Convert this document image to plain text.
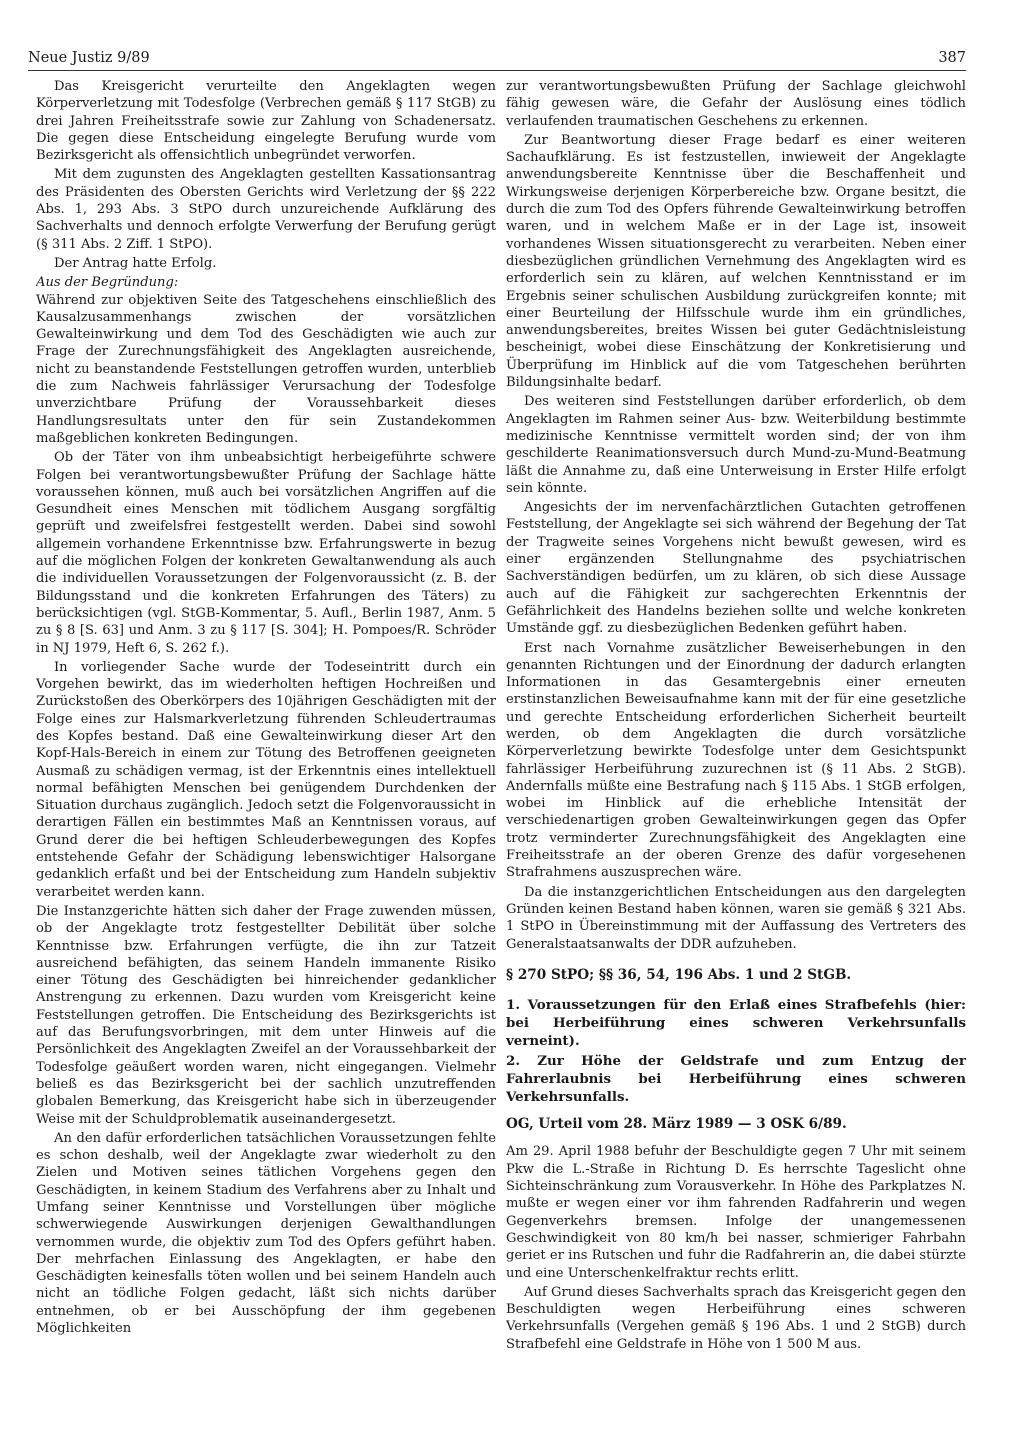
Neue Justiz 9/89	387

Das Kreisgericht verurteilte den Angeklagten wegen Körperverletzung mit Todesfolge (Verbrechen gemäß § 117 StGB) zu drei Jahren Freiheitsstrafe sowie zur Zahlung von Schadenersatz. Die gegen diese Entscheidung eingelegte Berufung wurde vom Bezirksgericht als offensichtlich unbegründet verworfen.

Mit dem zugunsten des Angeklagten gestellten Kassationsantrag des Präsidenten des Obersten Gerichts wird Verletzung der §§ 222 Abs. 1, 293 Abs. 3 StPO durch unzureichende Aufklärung des Sachverhalts und dennoch erfolgte Verwerfung der Berufung gerügt (§ 311 Abs. 2 Ziff. 1 StPO).

Der Antrag hatte Erfolg.

Aus der Begründung:

Während zur objektiven Seite des Tatgeschehens einschließlich des Kausalzusammenhangs zwischen der vorsätzlichen Gewalteinwirkung und dem Tod des Geschädigten wie auch zur Frage der Zurechnungsfähigkeit des Angeklagten ausreichende, nicht zu beanstandende Feststellungen getroffen wurden, unterblieb die zum Nachweis fahrlässiger Verursachung der Todesfolge unverzichtbare Prüfung der Voraussehbarkeit dieses Handlungsresultats unter den für sein Zustandekommen maßgeblichen konkreten Bedingungen.

Ob der Täter von ihm unbeabsichtigt herbeigeführte schwere Folgen bei verantwortungsbewußter Prüfung der Sachlage hätte voraussehen können, muß auch bei vorsätzlichen Angriffen auf die Gesundheit eines Menschen mit tödlichem Ausgang sorgfältig geprüft und zweifelsfrei festgestellt werden. Dabei sind sowohl allgemein vorhandene Erkenntnisse bzw. Erfahrungswerte in bezug auf die möglichen Folgen der konkreten Gewaltanwendung als auch die individuellen Voraussetzungen der Folgenvoraussicht (z. B. der Bildungsstand und die konkreten Erfahrungen des Täters) zu berücksichtigen (vgl. StGB-Kommentar, 5. Aufl., Berlin 1987, Anm. 5 zu § 8 [S. 63] und Anm. 3 zu § 117 [S. 304]; H. Pompoes/R. Schröder in NJ 1979, Heft 6, S. 262 f.).

In vorliegender Sache wurde der Todeseintritt durch ein Vorgehen bewirkt, das im wiederholten heftigen Hochreißen und Zurückstoßen des Oberkörpers des 10jährigen Geschädigten mit der Folge eines zur Halsmarkverletzung führenden Schleudertraumas des Kopfes bestand. Daß eine Gewalteinwirkung dieser Art den Kopf-Hals-Bereich in einem zur Tötung des Betroffenen geeigneten Ausmaß zu schädigen vermag, ist der Erkenntnis eines intellektuell normal befähigten Menschen bei genügendem Durchdenken der Situation durchaus zugänglich. Jedoch setzt die Folgenvoraussicht in derartigen Fällen ein bestimmtes Maß an Kenntnissen voraus, auf Grund derer die bei heftigen Schleuderbewegungen des Kopfes entstehende Gefahr der Schädigung lebenswichtiger Halsorgane gedanklich erfaßt und bei der Entscheidung zum Handeln subjektiv verarbeitet werden kann.

Die Instanzgerichte hätten sich daher der Frage zuwenden müssen, ob der Angeklagte trotz festgestellter Debilität über solche Kenntnisse bzw. Erfahrungen verfügte, die ihn zur Tatzeit ausreichend befähigten, das seinem Handeln immanente Risiko einer Tötung des Geschädigten bei hinreichender gedanklicher Anstrengung zu erkennen. Dazu wurden vom Kreisgericht keine Feststellungen getroffen. Die Entscheidung des Bezirksgerichts ist auf das Berufungsvorbringen, mit dem unter Hinweis auf die Persönlichkeit des Angeklagten Zweifel an der Voraussehbarkeit der Todesfolge geäußert worden waren, nicht eingegangen. Vielmehr beließ es das Bezirksgericht bei der sachlich unzutreffenden globalen Bemerkung, das Kreisgericht habe sich in überzeugender Weise mit der Schuldproblematik auseinandergesetzt.

An den dafür erforderlichen tatsächlichen Voraussetzungen fehlte es schon deshalb, weil der Angeklagte zwar wiederholt zu den Zielen und Motiven seines tätlichen Vorgehens gegen den Geschädigten, in keinem Stadium des Verfahrens aber zu Inhalt und Umfang seiner Kenntnisse und Vorstellungen über mögliche schwerwiegende Auswirkungen derjenigen Gewalthandlungen vernommen wurde, die objektiv zum Tod des Opfers geführt haben. Der mehrfachen Einlassung des Angeklagten, er habe den Geschädigten keinesfalls töten wollen und bei seinem Handeln auch nicht an tödliche Folgen gedacht, läßt sich nichts darüber entnehmen, ob er bei Ausschöpfung der ihm gegebenen Möglichkeiten

zur verantwortungsbewußten Prüfung der Sachlage gleichwohl fähig gewesen wäre, die Gefahr der Auslösung eines tödlich verlaufenden traumatischen Geschehens zu erkennen.

Zur Beantwortung dieser Frage bedarf es einer weiteren Sachaufklärung. Es ist festzustellen, inwieweit der Angeklagte anwendungsbereite Kenntnisse über die Beschaffenheit und Wirkungsweise derjenigen Körperbereiche bzw. Organe besitzt, die durch die zum Tod des Opfers führende Gewalteinwirkung betroffen waren, und in welchem Maße er in der Lage ist, insoweit vorhandenes Wissen situationsgerecht zu verarbeiten. Neben einer diesbezüglichen gründlichen Vernehmung des Angeklagten wird es erforderlich sein zu klären, auf welchen Kenntnisstand er im Ergebnis seiner schulischen Ausbildung zurückgreifen konnte; mit einer Beurteilung der Hilfsschule wurde ihm ein gründliches, anwendungsbereites, breites Wissen bei guter Gedächtnisleistung bescheinigt, wobei diese Einschätzung der Konkretisierung und Überprüfung im Hinblick auf die vom Tatgeschehen berührten Bildungsinhalte bedarf.

Des weiteren sind Feststellungen darüber erforderlich, ob dem Angeklagten im Rahmen seiner Aus- bzw. Weiterbildung bestimmte medizinische Kenntnisse vermittelt worden sind; der von ihm geschilderte Reanimationsversuch durch Mund-zu-Mund-Beatmung läßt die Annahme zu, daß eine Unterweisung in Erster Hilfe erfolgt sein könnte.

Angesichts der im nervenfachärztlichen Gutachten getroffenen Feststellung, der Angeklagte sei sich während der Begehung der Tat der Tragweite seines Vorgehens nicht bewußt gewesen, wird es einer ergänzenden Stellungnahme des psychiatrischen Sachverständigen bedürfen, um zu klären, ob sich diese Aussage auch auf die Fähigkeit zur sachgerechten Erkenntnis der Gefährlichkeit des Handelns beziehen sollte und welche konkreten Umstände ggf. zu diesbezüglichen Bedenken geführt haben.

Erst nach Vornahme zusätzlicher Beweiserhebungen in den genannten Richtungen und der Einordnung der dadurch erlangten Informationen in das Gesamtergebnis einer erneuten erstinstanzlichen Beweisaufnahme kann mit der für eine gesetzliche und gerechte Entscheidung erforderlichen Sicherheit beurteilt werden, ob dem Angeklagten die durch vorsätzliche Körperverletzung bewirkte Todesfolge unter dem Gesichtspunkt fahrlässiger Herbeiführung zuzurechnen ist (§ 11 Abs. 2 StGB). Andernfalls müßte eine Bestrafung nach § 115 Abs. 1 StGB erfolgen, wobei im Hinblick auf die erhebliche Intensität der verschiedenartigen groben Gewalteinwirkungen gegen das Opfer trotz verminderter Zurechnungsfähigkeit des Angeklagten eine Freiheitsstrafe an der oberen Grenze des dafür vorgesehenen Strafrahmens auszusprechen wäre.

Da die instanzgerichtlichen Entscheidungen aus den dargelegten Gründen keinen Bestand haben können, waren sie gemäß § 321 Abs. 1 StPO in Übereinstimmung mit der Auffassung des Vertreters des Generalstaatsanwalts der DDR aufzuheben.

§ 270 StPO; §§ 36, 54, 196 Abs. 1 und 2 StGB.

1. Voraussetzungen für den Erlaß eines Strafbefehls (hier: bei Herbeiführung eines schweren Verkehrsunfalls verneint).

2. Zur Höhe der Geldstrafe und zum Entzug der Fahrerlaubnis bei Herbeiführung eines schweren Verkehrsunfalls.

OG, Urteil vom 28. März 1989 — 3 OSK 6/89.

Am 29. April 1988 befuhr der Beschuldigte gegen 7 Uhr mit seinem Pkw die L.-Straße in Richtung D. Es herrschte Tageslicht ohne Sichteinschränkung zum Vorausverkehr. In Höhe des Parkplatzes N. mußte er wegen einer vor ihm fahrenden Radfahrerin und wegen Gegenverkehrs bremsen. Infolge der unangemessenen Geschwindigkeit von 80 km/h bei nasser, schmieriger Fahrbahn geriet er ins Rutschen und fuhr die Radfahrerin an, die dabei stürzte und eine Unterschenkelfraktur rechts erlitt.

Auf Grund dieses Sachverhalts sprach das Kreisgericht gegen den Beschuldigten wegen Herbeiführung eines schweren Verkehrsunfalls (Vergehen gemäß § 196 Abs. 1 und 2 StGB) durch Strafbefehl eine Geldstrafe in Höhe von 1 500 M aus.
